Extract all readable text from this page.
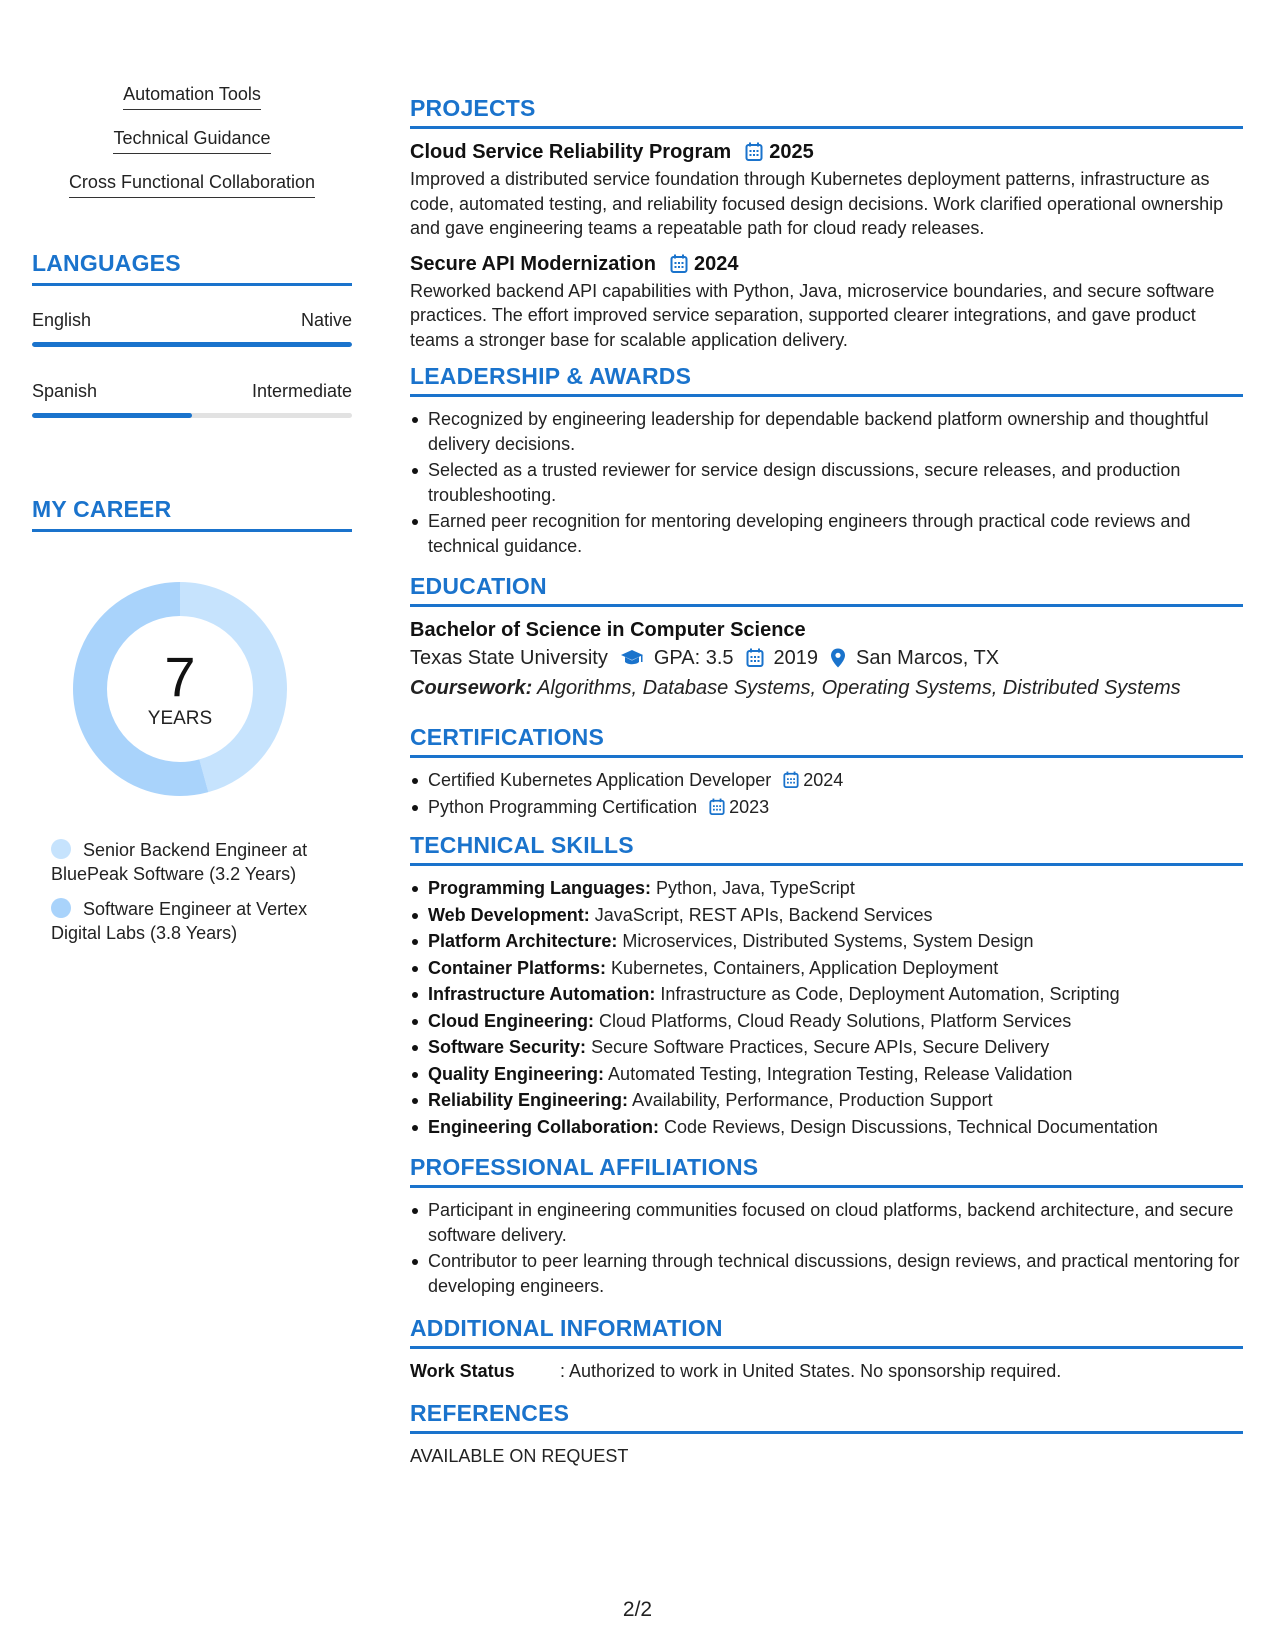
Automation Tools
Technical Guidance
Cross Functional Collaboration
LANGUAGES
English	Native
Spanish	Intermediate
MY CAREER
7
YEARS
Senior Backend Engineer at BluePeak Software (3.2 Years)
Software Engineer at Vertex Digital Labs (3.8 Years)
PROJECTS
Cloud Service Reliability Program 2025
Improved a distributed service foundation through Kubernetes deployment patterns, infrastructure as code, automated testing, and reliability focused design decisions. Work clarified operational ownership and gave engineering teams a repeatable path for cloud ready releases.
Secure API Modernization 2024
Reworked backend API capabilities with Python, Java, microservice boundaries, and secure software practices. The effort improved service separation, supported clearer integrations, and gave product teams a stronger base for scalable application delivery.
LEADERSHIP & AWARDS
Recognized by engineering leadership for dependable backend platform ownership and thoughtful delivery decisions.
Selected as a trusted reviewer for service design discussions, secure releases, and production troubleshooting.
Earned peer recognition for mentoring developing engineers through practical code reviews and technical guidance.
EDUCATION
Bachelor of Science in Computer Science
Texas State University GPA: 3.5 2019 San Marcos, TX
Coursework: Algorithms, Database Systems, Operating Systems, Distributed Systems
CERTIFICATIONS
Certified Kubernetes Application Developer 2024
Python Programming Certification 2023
TECHNICAL SKILLS
Programming Languages: Python, Java, TypeScript
Web Development: JavaScript, REST APIs, Backend Services
Platform Architecture: Microservices, Distributed Systems, System Design
Container Platforms: Kubernetes, Containers, Application Deployment
Infrastructure Automation: Infrastructure as Code, Deployment Automation, Scripting
Cloud Engineering: Cloud Platforms, Cloud Ready Solutions, Platform Services
Software Security: Secure Software Practices, Secure APIs, Secure Delivery
Quality Engineering: Automated Testing, Integration Testing, Release Validation
Reliability Engineering: Availability, Performance, Production Support
Engineering Collaboration: Code Reviews, Design Discussions, Technical Documentation
PROFESSIONAL AFFILIATIONS
Participant in engineering communities focused on cloud platforms, backend architecture, and secure software delivery.
Contributor to peer learning through technical discussions, design reviews, and practical mentoring for developing engineers.
ADDITIONAL INFORMATION
Work Status	: Authorized to work in United States. No sponsorship required.
REFERENCES
AVAILABLE ON REQUEST
2/2
